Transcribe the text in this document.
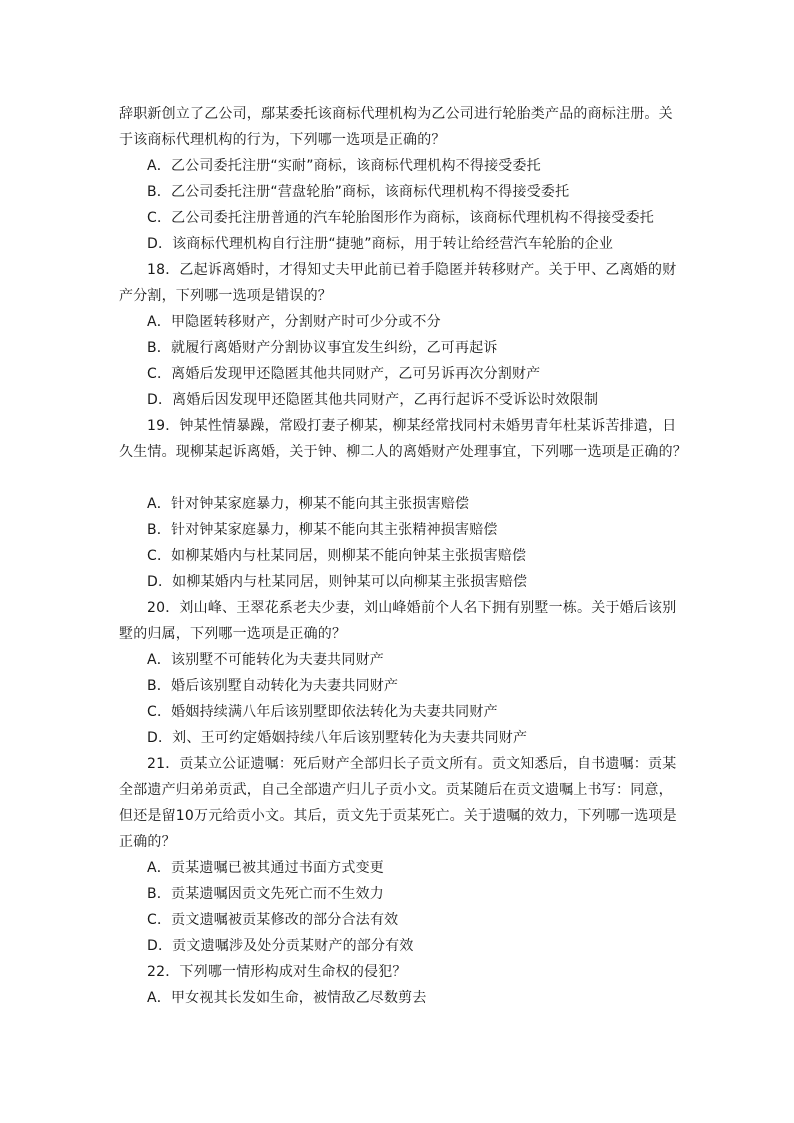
辞职新创立了乙公司，鄢某委托该商标代理机构为乙公司进行轮胎类产品的商标注册。关
于该商标代理机构的行为，下列哪一选项是正确的？
A．乙公司委托注册“实耐”商标，该商标代理机构不得接受委托
B．乙公司委托注册“营盘轮胎”商标，该商标代理机构不得接受委托
C．乙公司委托注册普通的汽车轮胎图形作为商标，该商标代理机构不得接受委托
D．该商标代理机构自行注册“捷驰”商标，用于转让给经营汽车轮胎的企业
18．乙起诉离婚时，才得知丈夫甲此前已着手隐匿并转移财产。关于甲、乙离婚的财
产分割，下列哪一选项是错误的？
A．甲隐匿转移财产，分割财产时可少分或不分
B．就履行离婚财产分割协议事宜发生纠纷，乙可再起诉
C．离婚后发现甲还隐匿其他共同财产，乙可另诉再次分割财产
D．离婚后因发现甲还隐匿其他共同财产，乙再行起诉不受诉讼时效限制
19．钟某性情暴躁，常殴打妻子柳某，柳某经常找同村未婚男青年杜某诉苦排遣，日
久生情。现柳某起诉离婚，关于钟、柳二人的离婚财产处理事宜，下列哪一选项是正确的？
A．针对钟某家庭暴力，柳某不能向其主张损害赔偿
B．针对钟某家庭暴力，柳某不能向其主张精神损害赔偿
C．如柳某婚内与杜某同居，则柳某不能向钟某主张损害赔偿
D．如柳某婚内与杜某同居，则钟某可以向柳某主张损害赔偿
20．刘山峰、王翠花系老夫少妻，刘山峰婚前个人名下拥有别墅一栋。关于婚后该别
墅的归属，下列哪一选项是正确的？
A．该别墅不可能转化为夫妻共同财产
B．婚后该别墅自动转化为夫妻共同财产
C．婚姻持续满八年后该别墅即依法转化为夫妻共同财产
D．刘、王可约定婚姻持续八年后该别墅转化为夫妻共同财产
21．贡某立公证遗嘱：死后财产全部归长子贡文所有。贡文知悉后，自书遗嘱：贡某
全部遗产归弟弟贡武，自己全部遗产归儿子贡小文。贡某随后在贡文遗嘱上书写：同意，
但还是留10万元给贡小文。其后，贡文先于贡某死亡。关于遗嘱的效力，下列哪一选项是
正确的？
A．贡某遗嘱已被其通过书面方式变更
B．贡某遗嘱因贡文先死亡而不生效力
C．贡文遗嘱被贡某修改的部分合法有效
D．贡文遗嘱涉及处分贡某财产的部分有效
22．下列哪一情形构成对生命权的侵犯？
A．甲女视其长发如生命，被情敌乙尽数剪去
